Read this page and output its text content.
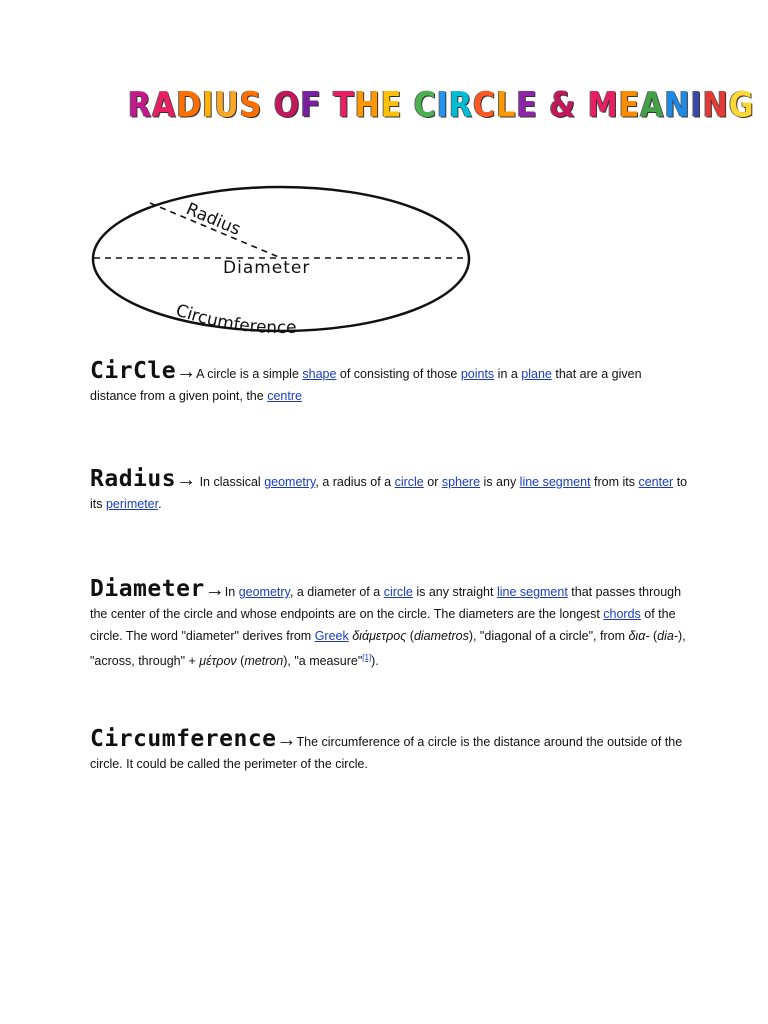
RADIUS OF THE CIRCLE & MEANING
Radius
Diameter
Circumference
CirCle→A circle is a simple shape of consisting of those points in a plane that are a given distance from a given point, the centre
Radius→ In classical geometry, a radius of a circle or sphere is any line segment from its center to its perimeter.
Diameter→In geometry, a diameter of a circle is any straight line segment that passes through the center of the circle and whose endpoints are on the circle. The diameters are the longest chords of the circle. The word "diameter" derives from Greek διάμετρος (diametros), "diagonal of a circle", from δια- (dia-), "across, through" + μέτρον (metron), "a measure"[1]).
Circumference→The circumference of a circle is the distance around the outside of the circle. It could be called the perimeter of the circle.
